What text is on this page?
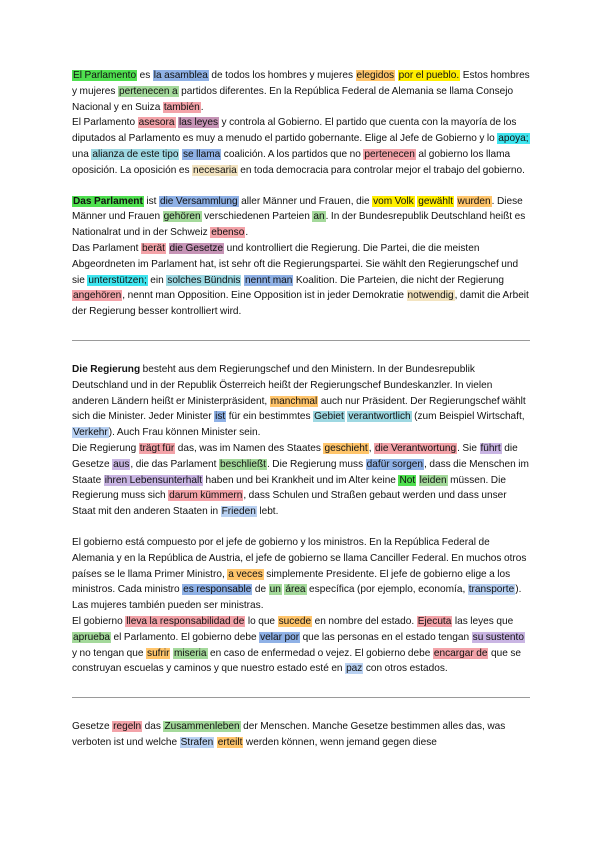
El Parlamento es la asamblea de todos los hombres y mujeres elegidos por el pueblo. Estos hombres y mujeres pertenecen a partidos diferentes. En la República Federal de Alemania se llama Consejo Nacional y en Suiza también.
El Parlamento asesora las leyes y controla al Gobierno. El partido que cuenta con la mayoría de los diputados al Parlamento es muy a menudo el partido gobernante. Elige al Jefe de Gobierno y lo apoya; una alianza de este tipo se llama coalición. A los partidos que no pertenecen al gobierno los llama oposición. La oposición es necesaria en toda democracia para controlar mejor el trabajo del gobierno.

Das Parlament ist die Versammlung aller Männer und Frauen, die vom Volk gewählt wurden. Diese Männer und Frauen gehören verschiedenen Parteien an. In der Bundesrepublik Deutschland heißt es Nationalrat und in der Schweiz ebenso.
Das Parlament berät die Gesetze und kontrolliert die Regierung. Die Partei, die die meisten Abgeordneten im Parlament hat, ist sehr oft die Regierungspartei. Sie wählt den Regierungschef und sie unterstützen; ein solches Bündnis nennt man Koalition. Die Parteien, die nicht der Regierung angehören, nennt man Opposition. Eine Opposition ist in jeder Demokratie notwendig, damit die Arbeit der Regierung besser kontrolliert wird.

Die Regierung besteht aus dem Regierungschef und den Ministern. In der Bundesrepublik Deutschland und in der Republik Österreich heißt der Regierungschef Bundeskanzler. In vielen anderen Ländern heißt er Ministerpräsident, manchmal auch nur Präsident. Der Regierungschef wählt sich die Minister. Jeder Minister ist für ein bestimmtes Gebiet verantwortlich (zum Beispiel Wirtschaft, Verkehr). Auch Frau können Minister sein.
Die Regierung trägt für das, was im Namen des Staates geschieht, die Verantwortung. Sie führt die Gesetze aus, die das Parlament beschließt. Die Regierung muss dafür sorgen, dass die Menschen im Staate ihren Lebensunterhalt haben und bei Krankheit und im Alter keine Not leiden müssen. Die Regierung muss sich darum kümmern, dass Schulen und Straßen gebaut werden und dass unser Staat mit den anderen Staaten in Frieden lebt.

El gobierno está compuesto por el jefe de gobierno y los ministros. En la República Federal de Alemania y en la República de Austria, el jefe de gobierno se llama Canciller Federal. En muchos otros países se le llama Primer Ministro, a veces simplemente Presidente. El jefe de gobierno elige a los ministros. Cada ministro es responsable de un área específica (por ejemplo, economía, transporte). Las mujeres también pueden ser ministras.
El gobierno lleva la responsabilidad de lo que sucede en nombre del estado. Ejecuta las leyes que aprueba el Parlamento. El gobierno debe velar por que las personas en el estado tengan su sustento y no tengan que sufrir miseria en caso de enfermedad o vejez. El gobierno debe encargar de que se construyan escuelas y caminos y que nuestro estado esté en paz con otros estados.

Gesetze regeln das Zusammenleben der Menschen. Manche Gesetze bestimmen alles das, was verboten ist und welche Strafen erteilt werden können, wenn jemand gegen diese
